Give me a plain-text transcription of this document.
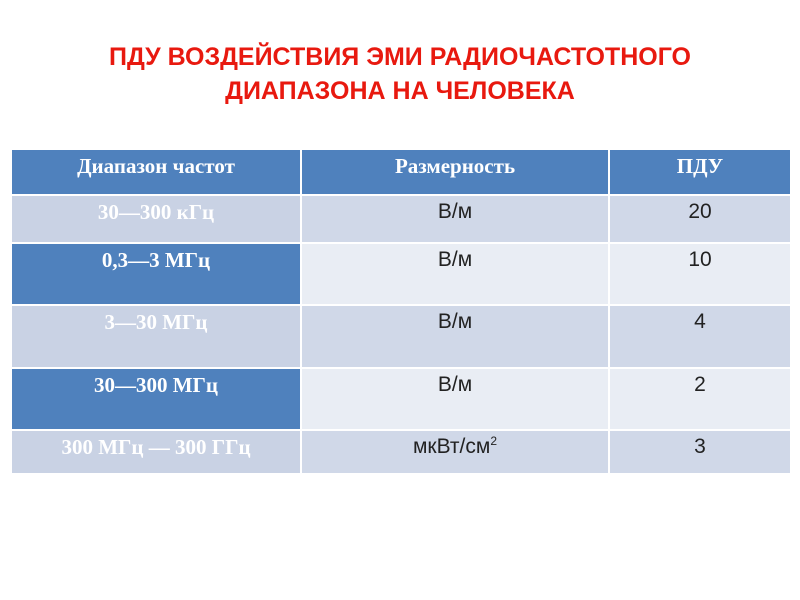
ПДУ ВОЗДЕЙСТВИЯ ЭМИ РАДИОЧАСТОТНОГО
ДИАПАЗОНА НА ЧЕЛОВЕКА
Диапазон частот	Размерность	ПДУ
30—300 кГц	В/м	20
0,3—3 МГц	В/м	10
3—30 МГц	В/м	4
30—300 МГц	В/м	2
300 МГц — 300 ГГц	мкВт/$см^2$	3
